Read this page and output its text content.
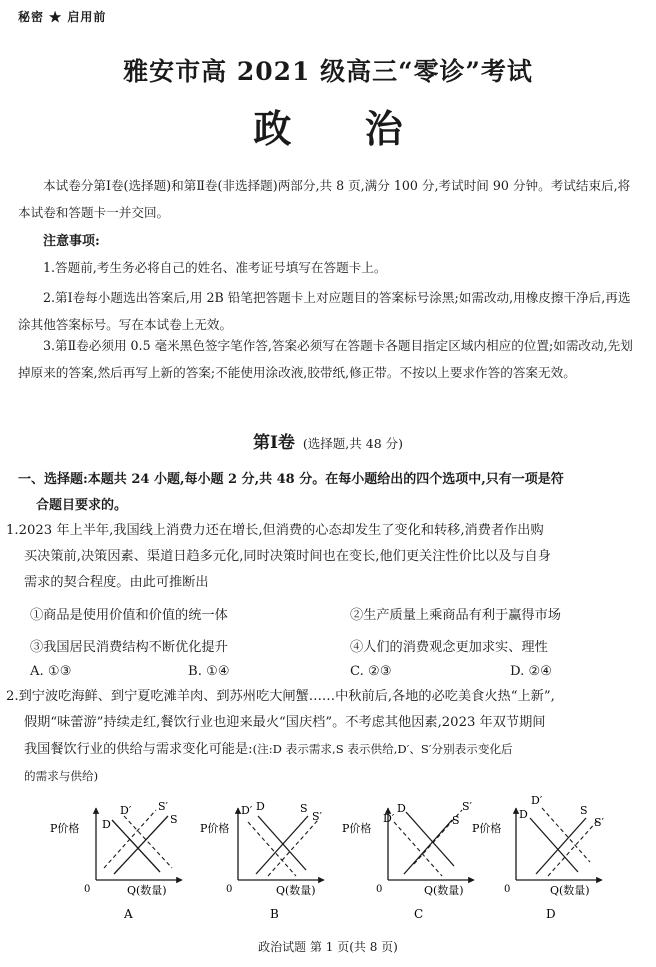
秘密 ★ 启用前
雅安市高 2021 级高三“零诊”考试
政 治
本试卷分第Ⅰ卷(选择题)和第Ⅱ卷(非选择题)两部分,共 8 页,满分 100 分,考试时间 90 分钟。考试结束后,将本试卷和答题卡一并交回。
注意事项:
1.答题前,考生务必将自己的姓名、准考证号填写在答题卡上。
2.第Ⅰ卷每小题选出答案后,用 2B 铅笔把答题卡上对应题目的答案标号涂黑;如需改动,用橡皮擦干净后,再选涂其他答案标号。写在本试卷上无效。
3.第Ⅱ卷必须用 0.5 毫米黑色签字笔作答,答案必须写在答题卡各题目指定区域内相应的位置;如需改动,先划掉原来的答案,然后再写上新的答案;不能使用涂改液,胶带纸,修正带。不按以上要求作答的答案无效。
第Ⅰ卷 (选择题,共 48 分)
一、选择题:本题共 24 小题,每小题 2 分,共 48 分。在每小题给出的四个选项中,只有一项是符
合题目要求的。
1.2023 年上半年,我国线上消费力还在增长,但消费的心态却发生了变化和转移,消费者作出购
买决策前,决策因素、渠道日趋多元化,同时决策时间也在变长,他们更关注性价比以及与自身
需求的契合程度。由此可推断出
①商品是使用价值和价值的统一体	②生产质量上乘商品有利于赢得市场
③我国居民消费结构不断优化提升	④人们的消费观念更加求实、理性
A. ①③	B. ①④	C. ②③	D. ②④
2.到宁波吃海鲜、到宁夏吃滩羊肉、到苏州吃大闸蟹……中秋前后,各地的必吃美食火热“上新”,
假期“味蕾游”持续走红,餐饮行业也迎来最火“国庆档”。不考虑其他因素,2023 年双节期间
我国餐饮行业的供给与需求变化可能是:(注:D 表示需求,S 表示供给,D′、S′分别表示变化后
的需求与供给)
P价格
0	Q(数量)
D
D′
S
S′
A
P价格
0	Q(数量)
D
D′	S
S′
B
P价格
0	Q(数量)
D
D′	S
S′
C
P价格
0	Q(数量)
D
D′
S
S′
D
政治试题 第 1 页(共 8 页)
